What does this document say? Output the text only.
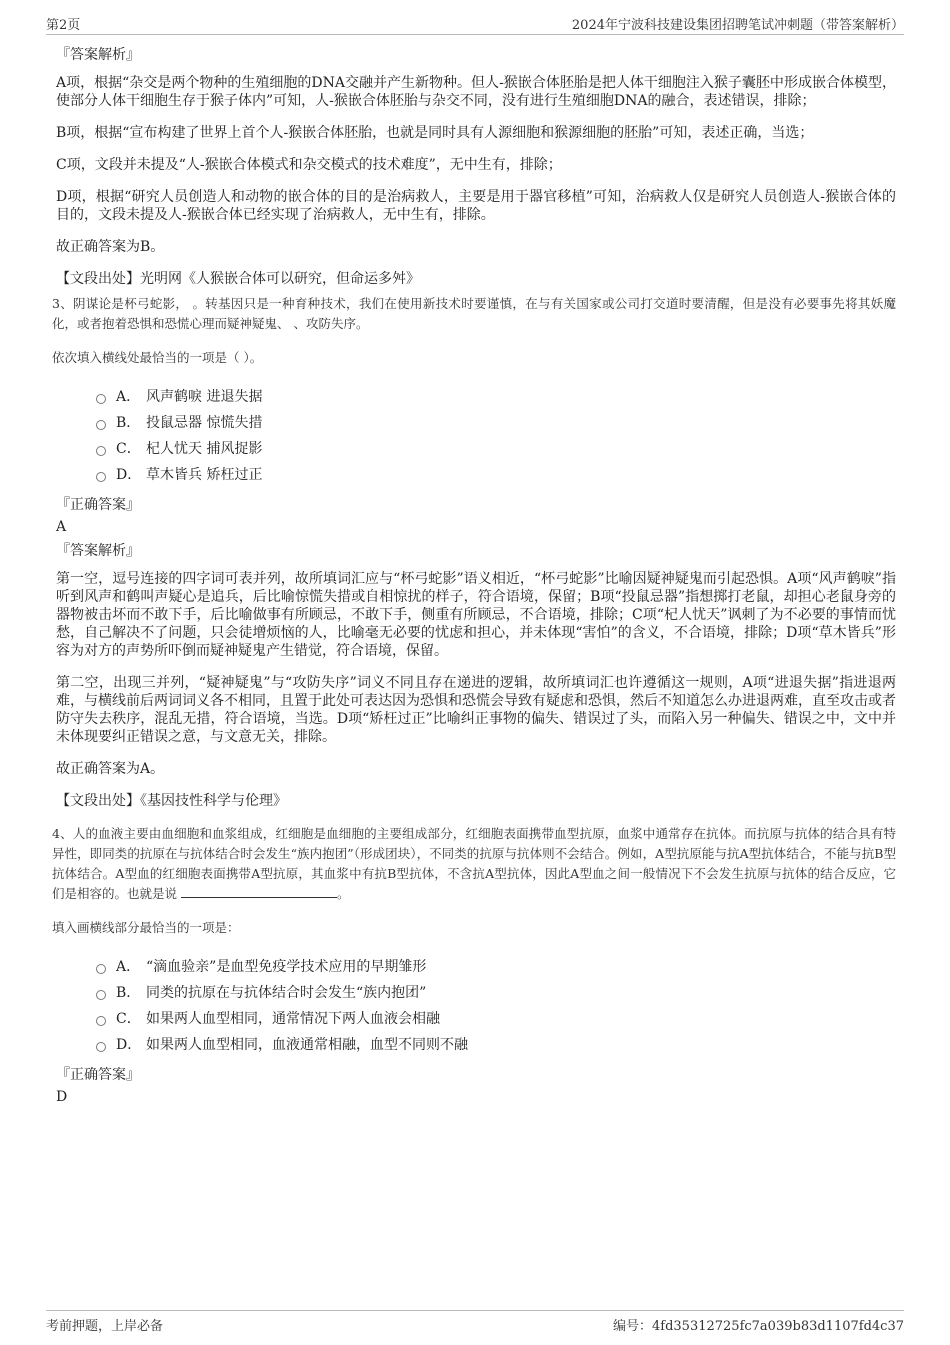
第2页	2024年宁波科技建设集团招聘笔试冲刺题（带答案解析）
『答案解析』

A项，根据“杂交是两个物种的生殖细胞的DNA交融并产生新物种。但人-猴嵌合体胚胎是把人体干细胞注入猴子囊胚中形成嵌合体模型，使部分人体干细胞生存于猴子体内”可知，人-猴嵌合体胚胎与杂交不同，没有进行生殖细胞DNA的融合，表述错误，排除；

B项，根据“宣布构建了世界上首个人-猴嵌合体胚胎，也就是同时具有人源细胞和猴源细胞的胚胎”可知，表述正确，当选；

C项，文段并未提及“人-猴嵌合体模式和杂交模式的技术难度”，无中生有，排除；

D项，根据“研究人员创造人和动物的嵌合体的目的是治病救人，主要是用于器官移植”可知，治病救人仅是研究人员创造人-猴嵌合体的目的，文段未提及人-猴嵌合体已经实现了治病救人，无中生有，排除。

故正确答案为B。

【文段出处】光明网《人猴嵌合体可以研究，但命运多舛》

3、阴谋论是杯弓蛇影， 。转基因只是一种育种技术，我们在使用新技术时要谨慎，在与有关国家或公司打交道时要清醒，但是没有必要事先将其妖魔化，或者抱着恐惧和恐慌心理而疑神疑鬼、 、攻防失序。

依次填入横线处最恰当的一项是（ ）。

A． 风声鹤唳 进退失据
B． 投鼠忌器 惊慌失措
C． 杞人忧天 捕风捉影
D． 草木皆兵 矫枉过正
『正确答案』
A
『答案解析』

第一空，逗号连接的四字词可表并列，故所填词汇应与“杯弓蛇影”语义相近，“杯弓蛇影”比喻因疑神疑鬼而引起恐惧。A项“风声鹤唳”指听到风声和鹤叫声疑心是追兵，后比喻惊慌失措或自相惊扰的样子，符合语境，保留；B项“投鼠忌器”指想掷打老鼠，却担心老鼠身旁的器物被击坏而不敢下手，后比喻做事有所顾忌，不敢下手，侧重有所顾忌，不合语境，排除；C项“杞人忧天”讽刺了为不必要的事情而忧愁，自己解决不了问题，只会徒增烦恼的人，比喻毫无必要的忧虑和担心，并未体现“害怕”的含义，不合语境，排除；D项“草木皆兵”形容为对方的声势所吓倒而疑神疑鬼产生错觉，符合语境，保留。

第二空，出现三并列，“疑神疑鬼”与“攻防失序”词义不同且存在递进的逻辑，故所填词汇也许遵循这一规则，A项“进退失据”指进退两难，与横线前后两词词义各不相同，且置于此处可表达因为恐惧和恐慌会导致有疑虑和恐惧，然后不知道怎么办进退两难，直至攻击或者防守失去秩序，混乱无措，符合语境，当选。D项“矫枉过正”比喻纠正事物的偏失、错误过了头，而陷入另一种偏失、错误之中，文中并未体现要纠正错误之意，与文意无关，排除。

故正确答案为A。

【文段出处】《基因技性科学与伦理》

4、人的血液主要由血细胞和血浆组成，红细胞是血细胞的主要组成部分，红细胞表面携带血型抗原，血浆中通常存在抗体。而抗原与抗体的结合具有特异性，即同类的抗原在与抗体结合时会发生“族内抱团”（形成团块），不同类的抗原与抗体则不会结合。例如，A型抗原能与抗A型抗体结合，不能与抗B型抗体结合。A型血的红细胞表面携带A型抗原，其血浆中有抗B型抗体，不含抗A型抗体，因此A型血之间一般情况下不会发生抗原与抗体的结合反应，它们是相容的。也就是说	。

填入画横线部分最恰当的一项是：

A． “滴血验亲”是血型免疫学技术应用的早期雏形
B． 同类的抗原在与抗体结合时会发生“族内抱团”
C． 如果两人血型相同，通常情况下两人血液会相融
D． 如果两人血型相同，血液通常相融，血型不同则不融
『正确答案』
D
考前押题，上岸必备	编号：4fd35312725fc7a039b83d1107fd4c37
